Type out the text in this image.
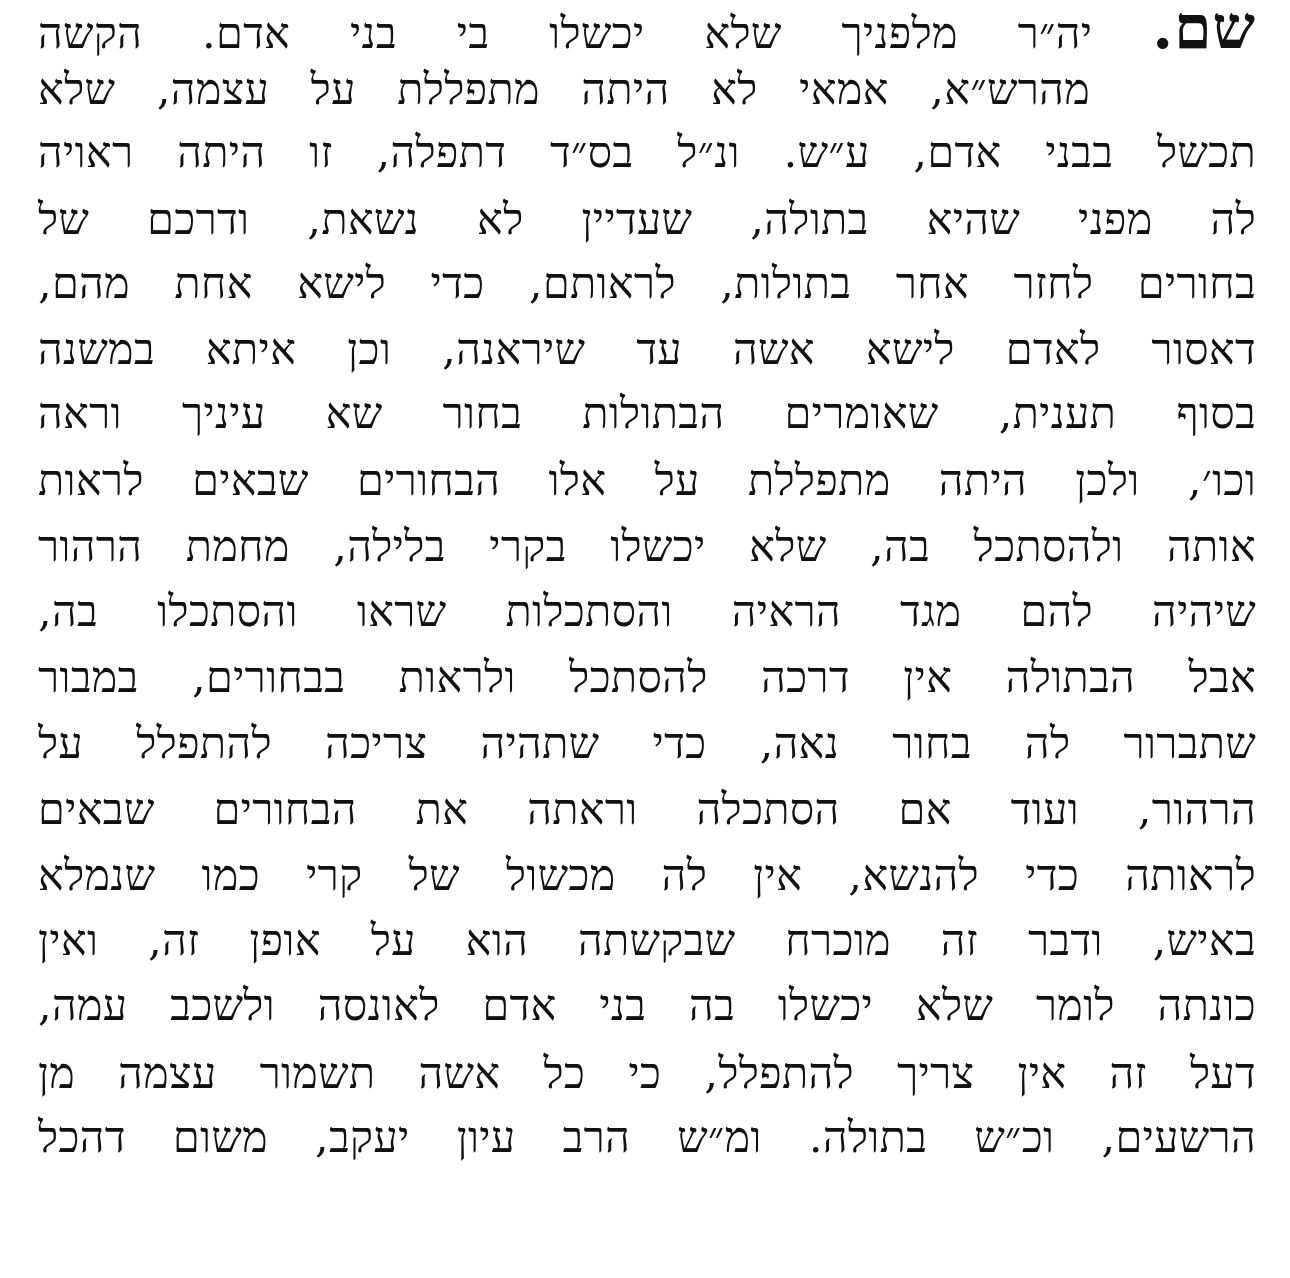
שם. יה״ר מלפניך שלא יכשלו בי בני אדם. הקשה
מהרש״א, אמאי לא היתה מתפללת על עצמה, שלא
תכשל בבני אדם, ע״ש. ונ״ל בס״ד דתפלה, זו היתה ראויה
לה מפני שהיא בתולה, שעדיין לא נשאת, ודרכם של
בחורים לחזר אחר בתולות, לראותם, כדי לישא אחת מהם,
דאסור לאדם לישא אשה עד שיראנה, וכן איתא במשנה
בסוף תענית, שאומרים הבתולות בחור שא עיניך וראה
וכו׳, ולכן היתה מתפללת על אלו הבחורים שבאים לראות
אותה ולהסתכל בה, שלא יכשלו בקרי בלילה, מחמת הרהור
שיהיה להם מגד הראיה והסתכלות שראו והסתכלו בה,
אבל הבתולה אין דרכה להסתכל ולראות בבחורים, במבור
שתברור לה בחור נאה, כדי שתהיה צריכה להתפלל על
הרהור, ועוד אם הסתכלה וראתה את הבחורים שבאים
לראותה כדי להנשא, אין לה מכשול של קרי כמו שנמלא
באיש, ודבר זה מוכרח שבקשתה הוא על אופן זה, ואין
כונתה לומר שלא יכשלו בה בני אדם לאונסה ולשכב עמה,
דעל זה אין צריך להתפלל, כי כל אשה תשמור עצמה מן
הרשעים, וכ״ש בתולה. ומ״ש הרב עיון יעקב, משום דהכל
